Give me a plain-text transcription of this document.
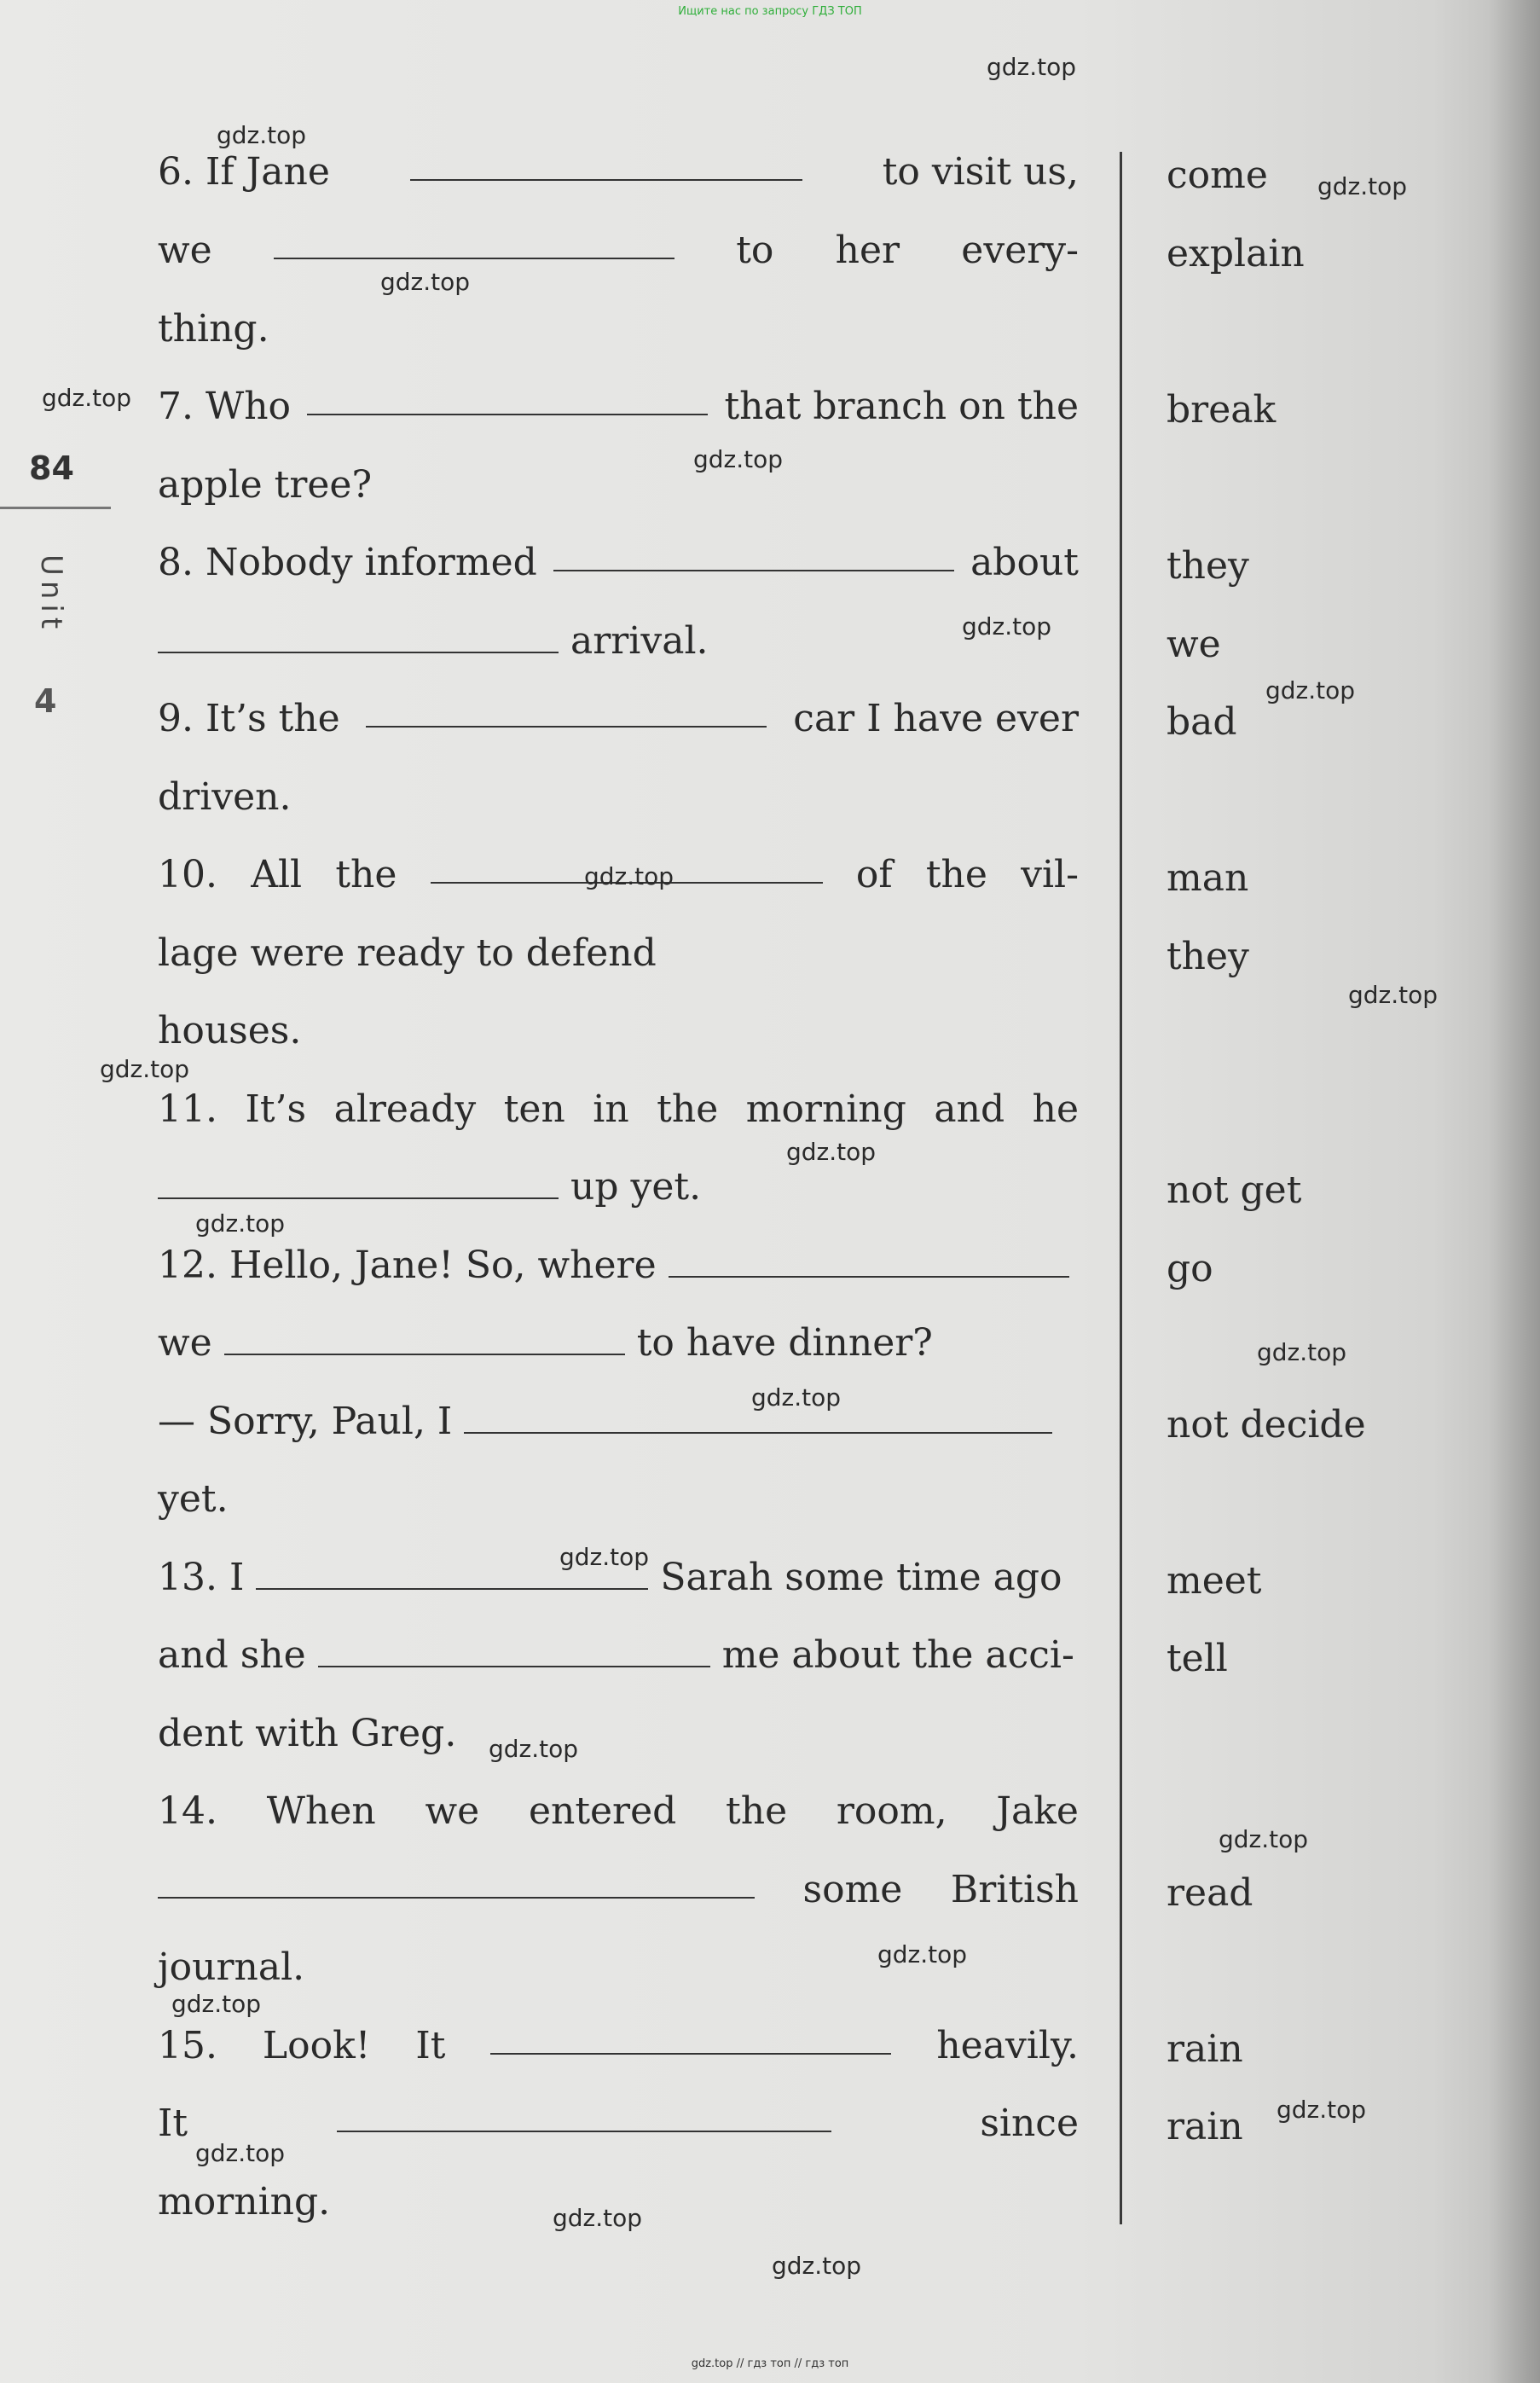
Ищите нас по запросу ГДЗ ТОП
84
Unit
4
6. If Jane	to visit us,
we	to her every-
thing.
7. Who	that branch on the
apple tree?
8. Nobody informed	about
arrival.
9. It’s the	car I have ever
driven.
10. All the	of the vil-
lage were ready to defend
houses.
11. It’s already ten in the morning and he
up yet.
12. Hello, Jane! So, where
we	to have dinner?
— Sorry, Paul, I
yet.
13. I	Sarah some time ago
and she	me about the acci-
dent with Greg.
14. When we entered the room, Jake
some British
journal.
15. Look! It	heavily.
It	since
morning.
come
explain
break
they
we
bad
man
they
not get
go
not decide
meet
tell
read
rain
rain
gdz.top
gdz.top
gdz.top
gdz.top
gdz.top
gdz.top
gdz.top
gdz.top
gdz.top
gdz.top
gdz.top
gdz.top
gdz.top
gdz.top
gdz.top
gdz.top
gdz.top
gdz.top
gdz.top
gdz.top
gdz.top
gdz.top
gdz.top
gdz.top
gdz.top // гдз топ // гдз топ
